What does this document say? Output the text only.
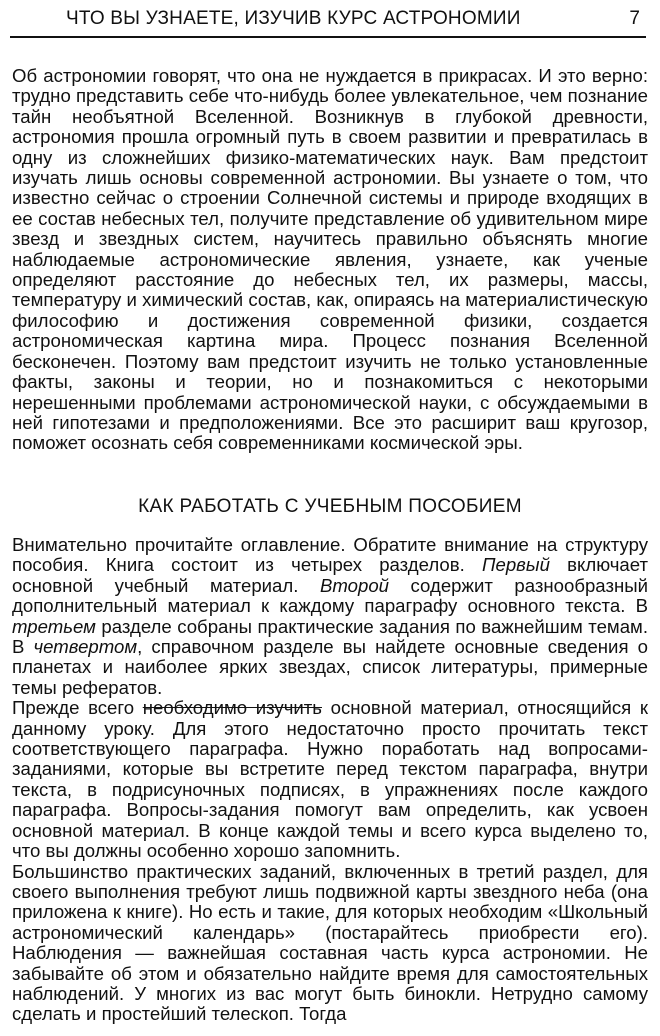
ЧТО ВЫ УЗНАЕТЕ, ИЗУЧИВ КУРС АСТРОНОМИИ	7

Об астрономии говорят, что она не нуждается в прикрасах. И это верно: трудно представить себе что-нибудь более увлекательное, чем познание тайн необъятной Вселенной. Возникнув в глубокой древности, астрономия прошла огромный путь в своем развитии и превратилась в одну из сложнейших физико-математических наук. Вам предстоит изучать лишь основы современной астрономии. Вы узнаете о том, что известно сейчас о строении Солнечной системы и природе входящих в ее состав небесных тел, получите представление об удивительном мире звезд и звездных систем, научитесь правильно объяснять многие наблюдаемые астрономические явления, узнаете, как ученые определяют расстояние до небесных тел, их размеры, массы, температуру и химический состав, как, опираясь на материалистическую философию и достижения современной физики, создается астрономическая картина мира. Процесс познания Вселенной бесконечен. Поэтому вам предстоит изучить не только установленные факты, законы и теории, но и познакомиться с некоторыми нерешенными проблемами астрономической науки, с обсуждаемыми в ней гипотезами и предположениями. Все это расширит ваш кругозор, поможет осознать себя современниками космической эры.

КАК РАБОТАТЬ С УЧЕБНЫМ ПОСОБИЕМ

Внимательно прочитайте оглавление. Обратите внимание на структуру пособия. Книга состоит из четырех разделов. Первый включает основной учебный материал. Второй содержит разнообразный дополнительный материал к каждому параграфу основного текста. В третьем разделе собраны практические задания по важнейшим темам. В четвертом, справочном разделе вы найдете основные сведения о планетах и наиболее ярких звездах, список литературы, примерные темы рефератов.

Прежде всего необходимо изучить основной материал, относящийся к данному уроку. Для этого недостаточно просто прочитать текст соответствующего параграфа. Нужно поработать над вопросами-заданиями, которые вы встретите перед текстом параграфа, внутри текста, в подрисуночных подписях, в упражнениях после каждого параграфа. Вопросы-задания помогут вам определить, как усвоен основной материал. В конце каждой темы и всего курса выделено то, что вы должны особенно хорошо запомнить.

Большинство практических заданий, включенных в третий раздел, для своего выполнения требуют лишь подвижной карты звездного неба (она приложена к книге). Но есть и такие, для которых необходим «Школьный астрономический календарь» (постарайтесь приобрести его). Наблюдения — важнейшая составная часть курса астрономии. Не забывайте об этом и обязательно найдите время для самостоятельных наблюдений. У многих из вас могут быть бинокли. Нетрудно самому сделать и простейший телескоп. Тогда
